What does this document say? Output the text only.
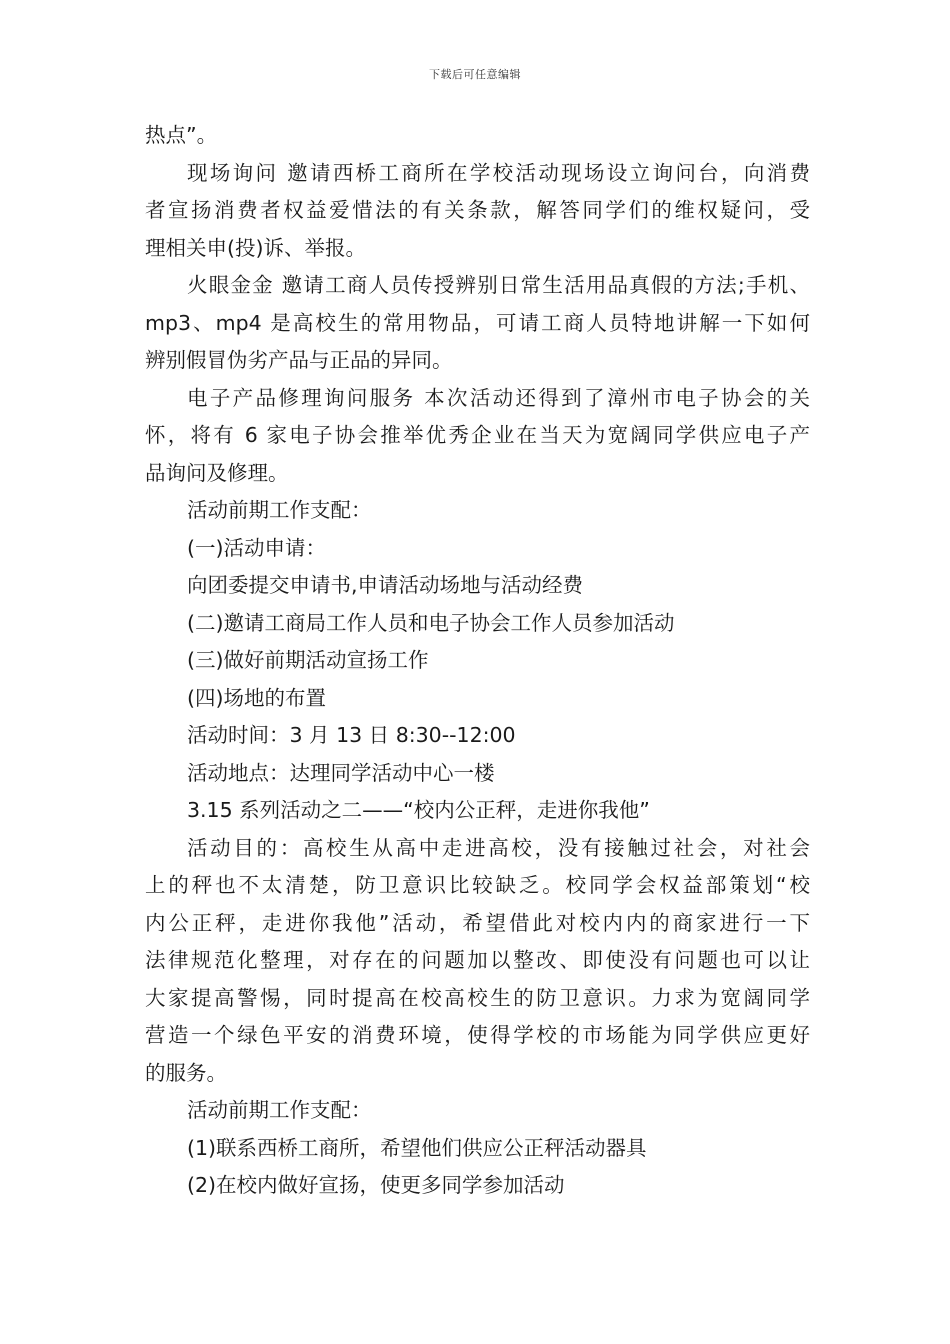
下载后可任意编辑
热点”。
现场询问 邀请西桥工商所在学校活动现场设立询问台，向消费
者宣扬消费者权益爱惜法的有关条款，解答同学们的维权疑问，受
理相关申(投)诉、举报。
火眼金金 邀请工商人员传授辨别日常生活用品真假的方法;手机、
mp3、mp4 是高校生的常用物品，可请工商人员特地讲解一下如何
辨别假冒伪劣产品与正品的异同。
电子产品修理询问服务 本次活动还得到了漳州市电子协会的关
怀，将有 6 家电子协会推举优秀企业在当天为宽阔同学供应电子产
品询问及修理。
活动前期工作支配：
(一)活动申请：
向团委提交申请书,申请活动场地与活动经费
(二)邀请工商局工作人员和电子协会工作人员参加活动
(三)做好前期活动宣扬工作
(四)场地的布置
活动时间：3 月 13 日 8:30--12:00
活动地点：达理同学活动中心一楼
3.15 系列活动之二——“校内公正秤，走进你我他”
活动目的：高校生从高中走进高校，没有接触过社会，对社会
上的秤也不太清楚，防卫意识比较缺乏。校同学会权益部策划“校
内公正秤，走进你我他”活动，希望借此对校内内的商家进行一下
法律规范化整理，对存在的问题加以整改、即使没有问题也可以让
大家提高警惕，同时提高在校高校生的防卫意识。力求为宽阔同学
营造一个绿色平安的消费环境，使得学校的市场能为同学供应更好
的服务。
活动前期工作支配：
(1)联系西桥工商所，希望他们供应公正秤活动器具
(2)在校内做好宣扬，使更多同学参加活动
